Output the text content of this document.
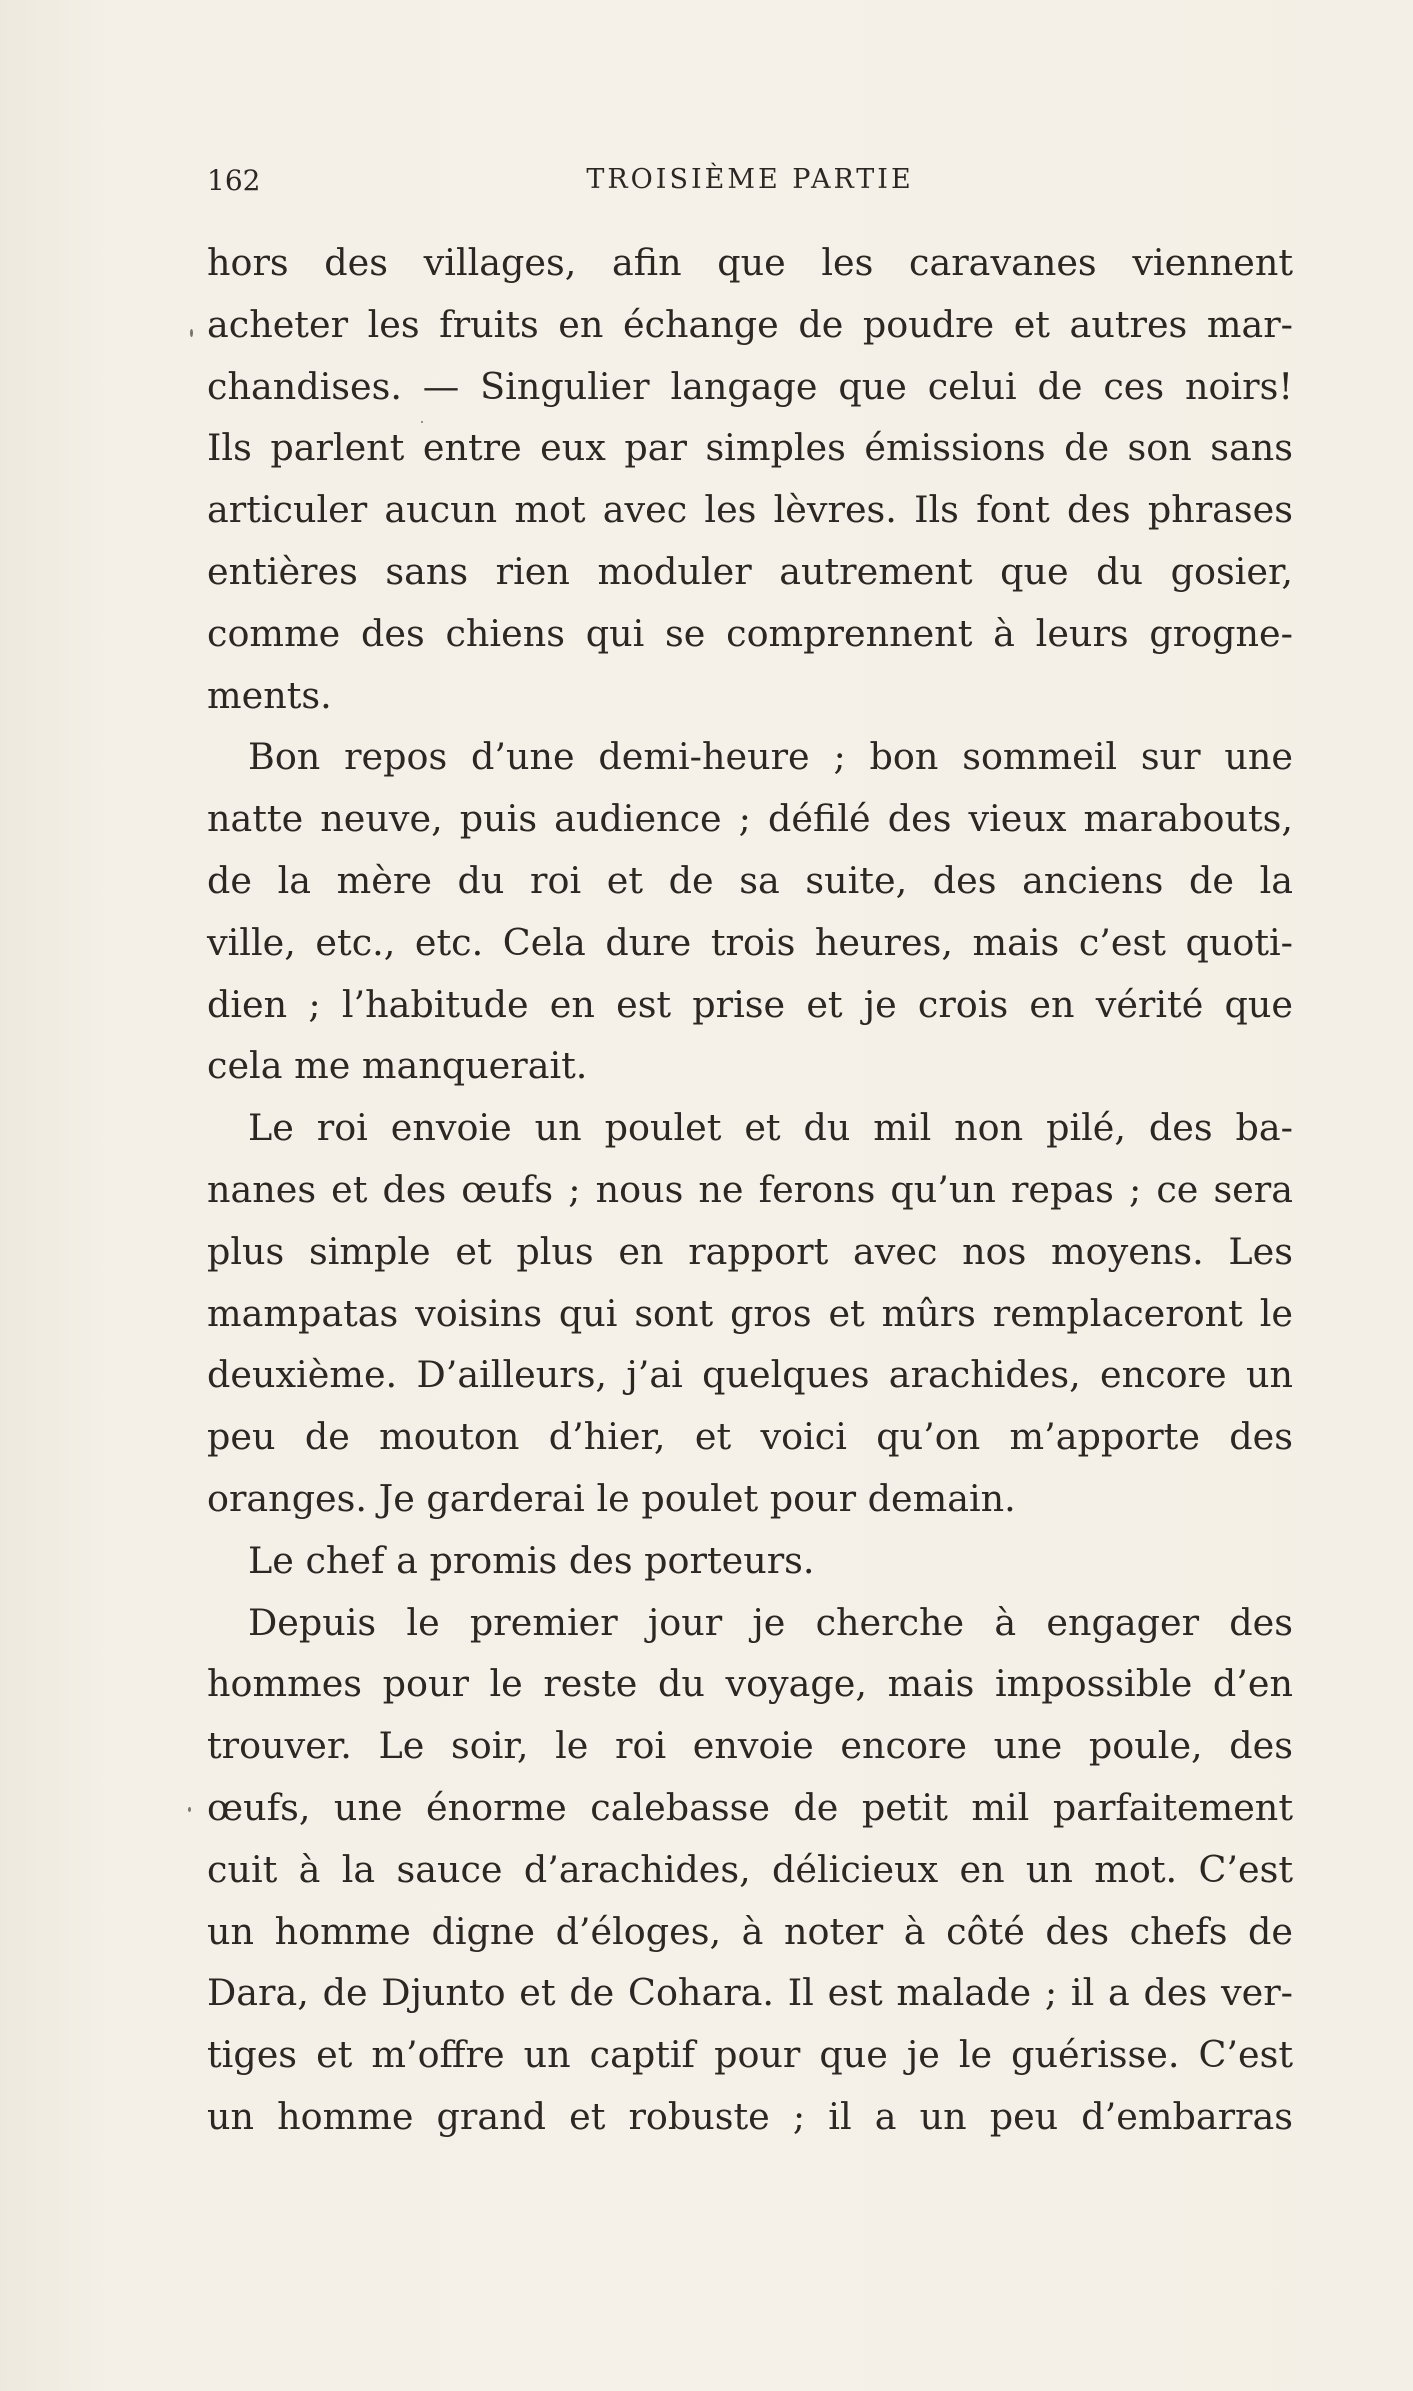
162	TROISIÈME PARTIE
hors des villages, afin que les caravanes viennent
acheter les fruits en échange de poudre et autres mar-
chandises. — Singulier langage que celui de ces noirs!
Ils parlent entre eux par simples émissions de son sans
articuler aucun mot avec les lèvres. Ils font des phrases
entières sans rien moduler autrement que du gosier,
comme des chiens qui se comprennent à leurs grogne-
ments.
Bon repos d’une demi-heure ; bon sommeil sur une
natte neuve, puis audience ; défilé des vieux marabouts,
de la mère du roi et de sa suite, des anciens de la
ville, etc., etc. Cela dure trois heures, mais c’est quoti-
dien ; l’habitude en est prise et je crois en vérité que
cela me manquerait.
Le roi envoie un poulet et du mil non pilé, des ba-
nanes et des œufs ; nous ne ferons qu’un repas ; ce sera
plus simple et plus en rapport avec nos moyens. Les
mampatas voisins qui sont gros et mûrs remplaceront le
deuxième. D’ailleurs, j’ai quelques arachides, encore un
peu de mouton d’hier, et voici qu’on m’apporte des
oranges. Je garderai le poulet pour demain.
Le chef a promis des porteurs.
Depuis le premier jour je cherche à engager des
hommes pour le reste du voyage, mais impossible d’en
trouver. Le soir, le roi envoie encore une poule, des
œufs, une énorme calebasse de petit mil parfaitement
cuit à la sauce d’arachides, délicieux en un mot. C’est
un homme digne d’éloges, à noter à côté des chefs de
Dara, de Djunto et de Cohara. Il est malade ; il a des ver-
tiges et m’offre un captif pour que je le guérisse. C’est
un homme grand et robuste ; il a un peu d’embarras
